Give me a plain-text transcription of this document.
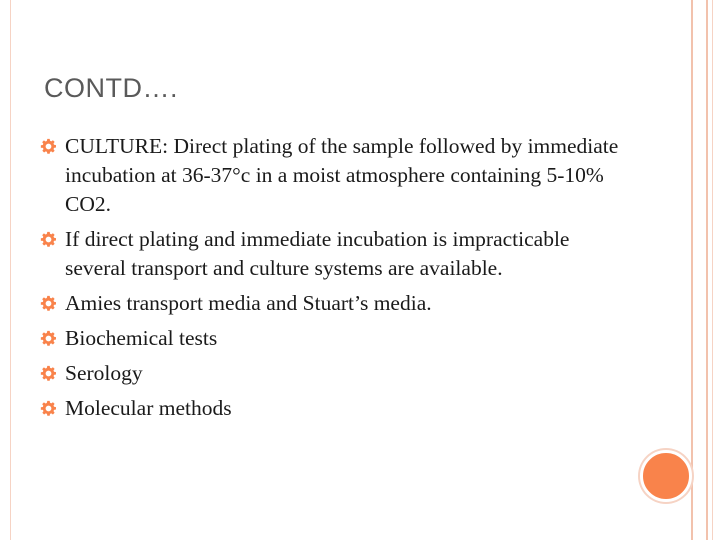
CONTD….
CULTURE: Direct plating of the sample followed by immediate incubation at 36-37°c in a moist atmosphere containing 5-10% CO2.
If direct plating and immediate incubation is impracticable several transport and culture systems are available.
Amies transport media and Stuart’s media.
Biochemical tests
Serology
Molecular methods
